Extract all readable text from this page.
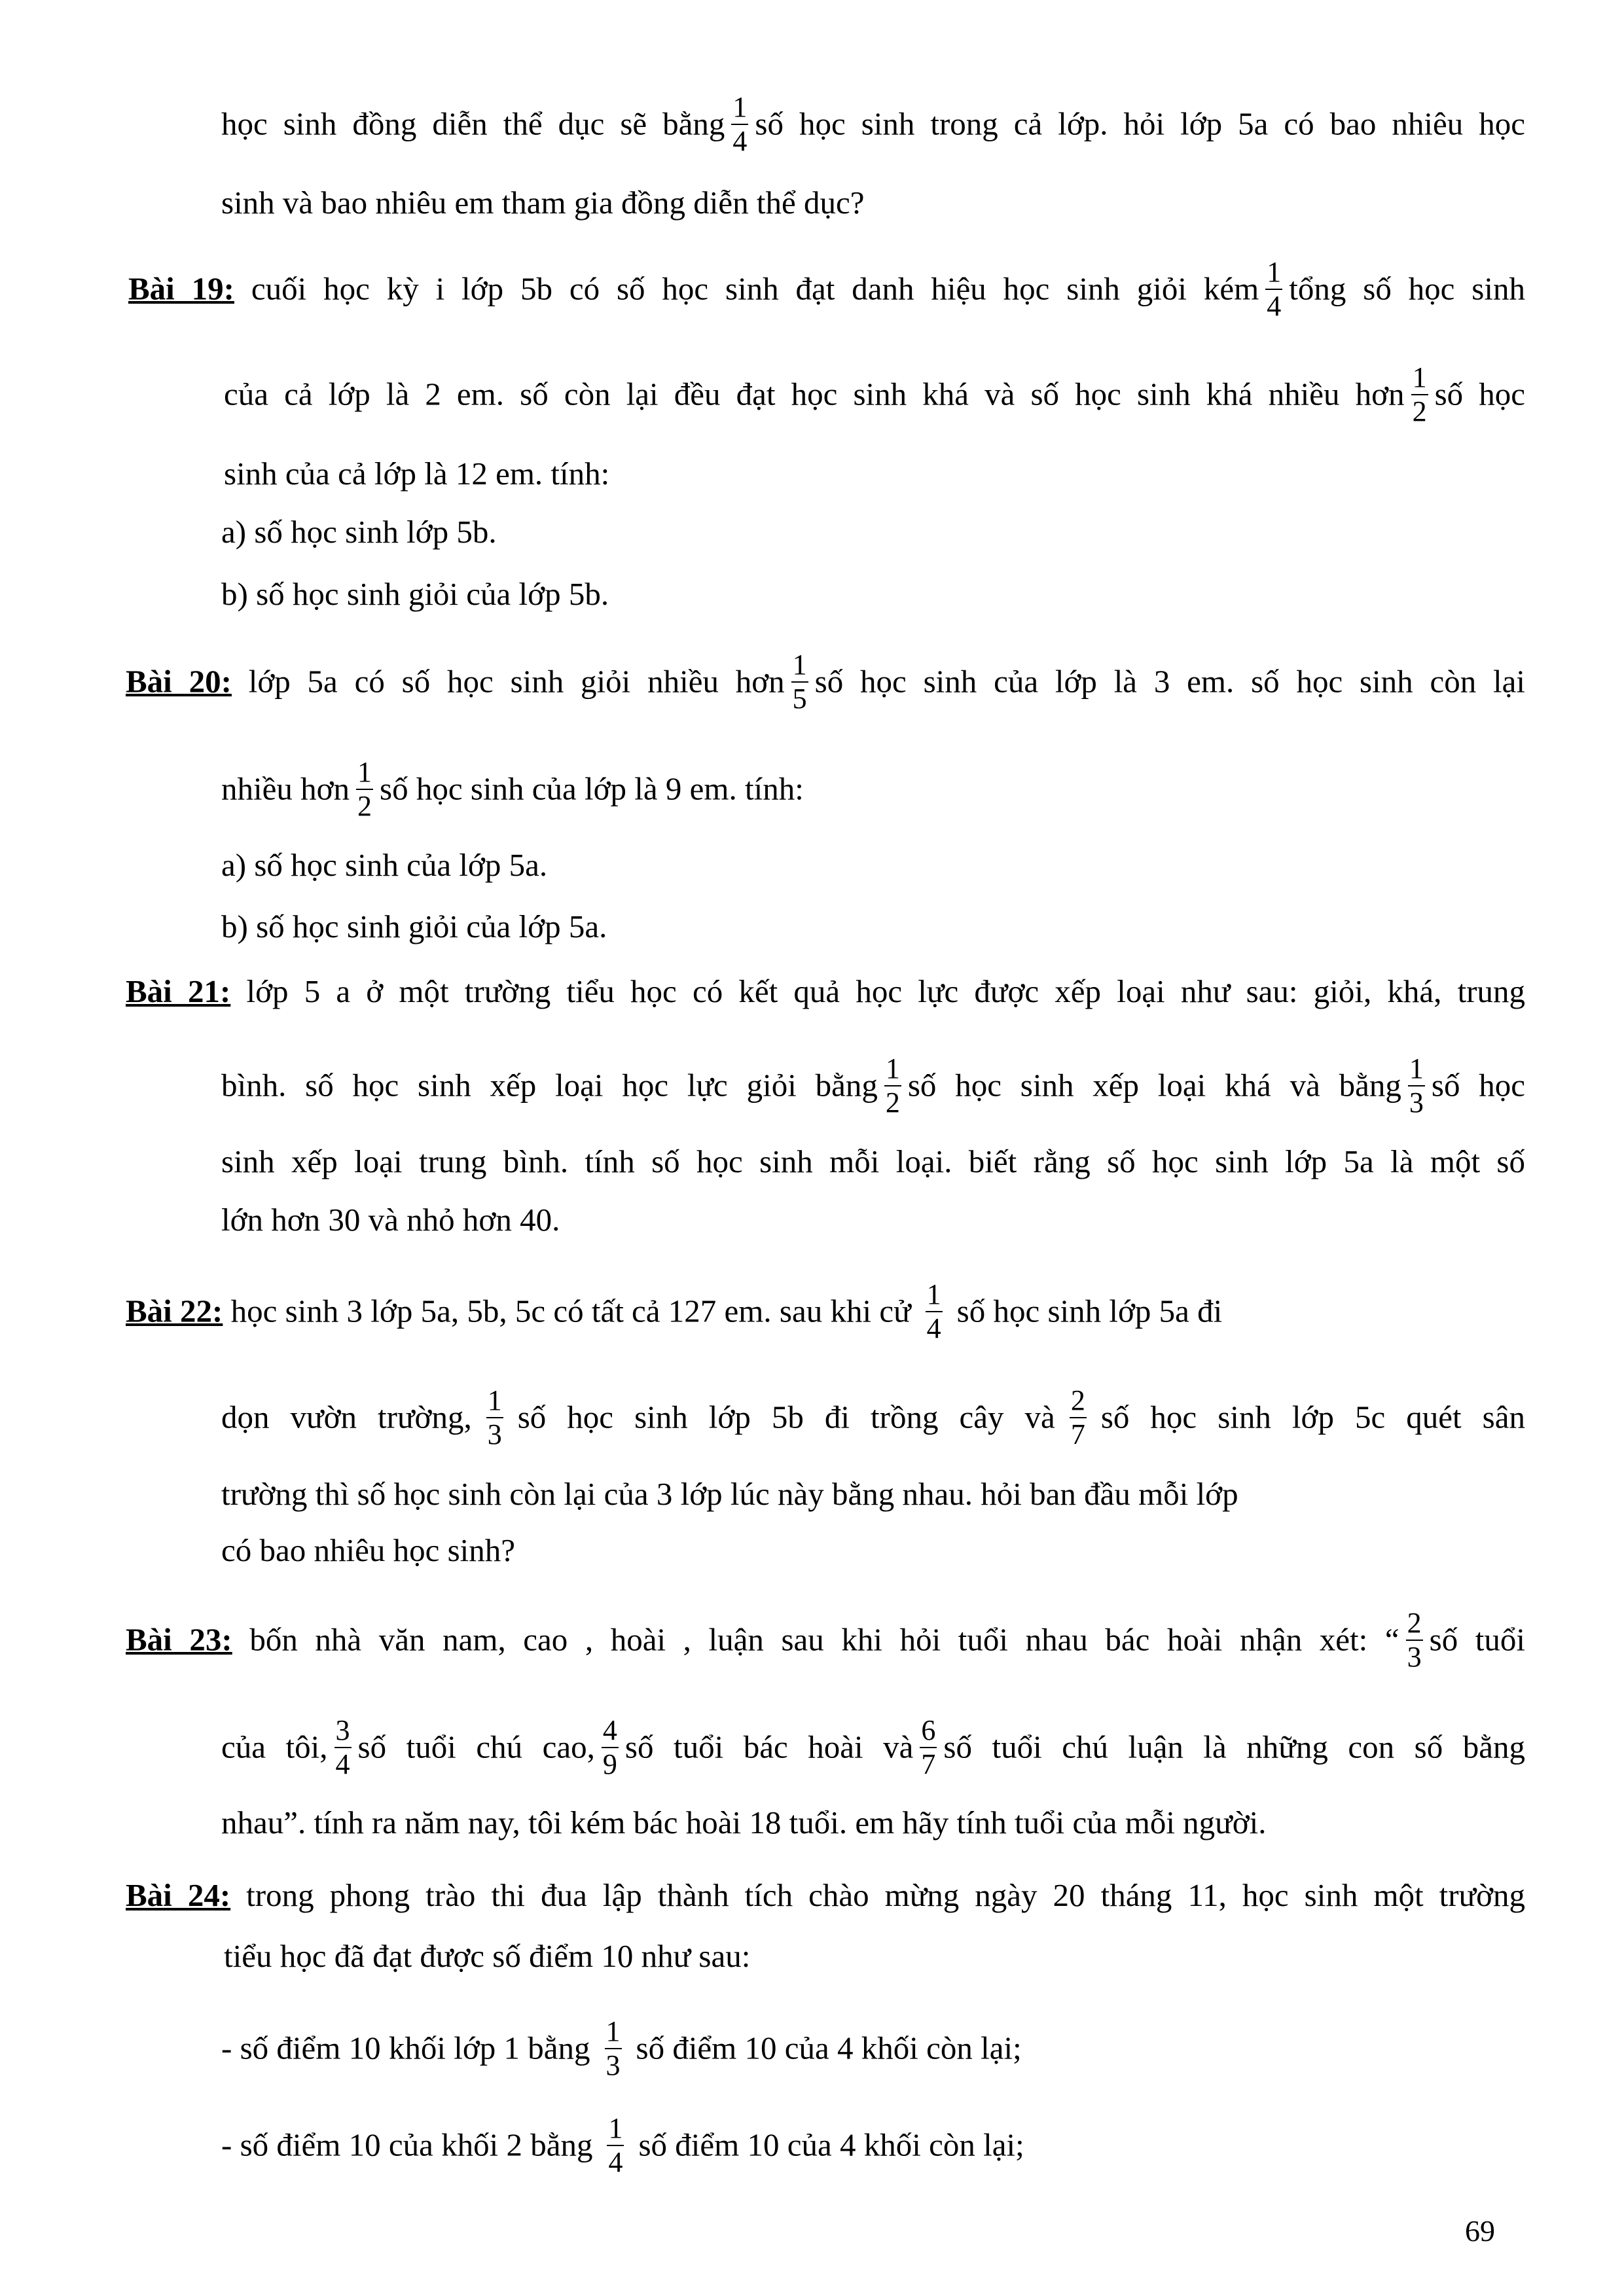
học sinh đồng diễn thể dục sẽ bằng $\frac{1}{4}$ số học sinh trong cả lớp. hỏi lớp 5a có bao nhiêu học
sinh và bao nhiêu em tham gia đồng diễn thể dục?
Bài 19: cuối học kỳ i lớp 5b có số học sinh đạt danh hiệu học sinh giỏi kém $\frac{1}{4}$ tổng số học sinh
của cả lớp là 2 em. số còn lại đều đạt học sinh khá và số học sinh khá nhiều hơn $\frac{1}{2}$ số học
sinh của cả lớp là 12 em. tính:
a) số học sinh lớp 5b.
b) số học sinh giỏi của lớp 5b.
Bài 20: lớp 5a có số học sinh giỏi nhiều hơn $\frac{1}{5}$ số học sinh của lớp là 3 em. số học sinh còn lại
nhiều hơn $\frac{1}{2}$ số học sinh của lớp là 9 em. tính:
a) số học sinh của lớp 5a.
b) số học sinh giỏi của lớp 5a.
Bài 21: lớp 5 a ở một trường tiểu học có kết quả học lực được xếp loại như sau: giỏi, khá, trung
bình. số học sinh xếp loại học lực giỏi bằng $\frac{1}{2}$ số học sinh xếp loại khá và bằng $\frac{1}{3}$ số học
sinh xếp loại trung bình. tính số học sinh mỗi loại. biết rằng số học sinh lớp 5a là một số
lớn hơn 30 và nhỏ hơn 40.
Bài 22: học sinh 3 lớp 5a, 5b, 5c có tất cả 127 em. sau khi cử $\frac{1}{4}$ số học sinh lớp 5a đi
dọn vườn trường, $\frac{1}{3}$ số học sinh lớp 5b đi trồng cây và $\frac{2}{7}$ số học sinh lớp 5c quét sân
trường thì số học sinh còn lại của 3 lớp lúc này bằng nhau. hỏi ban đầu mỗi lớp
có bao nhiêu học sinh?
Bài 23: bốn nhà văn nam, cao , hoài , luận sau khi hỏi tuổi nhau bác hoài nhận xét: “ $\frac{2}{3}$ số tuổi
của tôi, $\frac{3}{4}$ số tuổi chú cao, $\frac{4}{9}$ số tuổi bác hoài và $\frac{6}{7}$ số tuổi chú luận là những con số bằng
nhau”. tính ra năm nay, tôi kém bác hoài 18 tuổi. em hãy tính tuổi của mỗi người.
Bài 24: trong phong trào thi đua lập thành tích chào mừng ngày 20 tháng 11, học sinh một trường
tiểu học đã đạt được số điểm 10 như sau:
- số điểm 10 khối lớp 1 bằng $\frac{1}{3}$ số điểm 10 của 4 khối còn lại;
- số điểm 10 của khối 2 bằng $\frac{1}{4}$ số điểm 10 của 4 khối còn lại;
69
